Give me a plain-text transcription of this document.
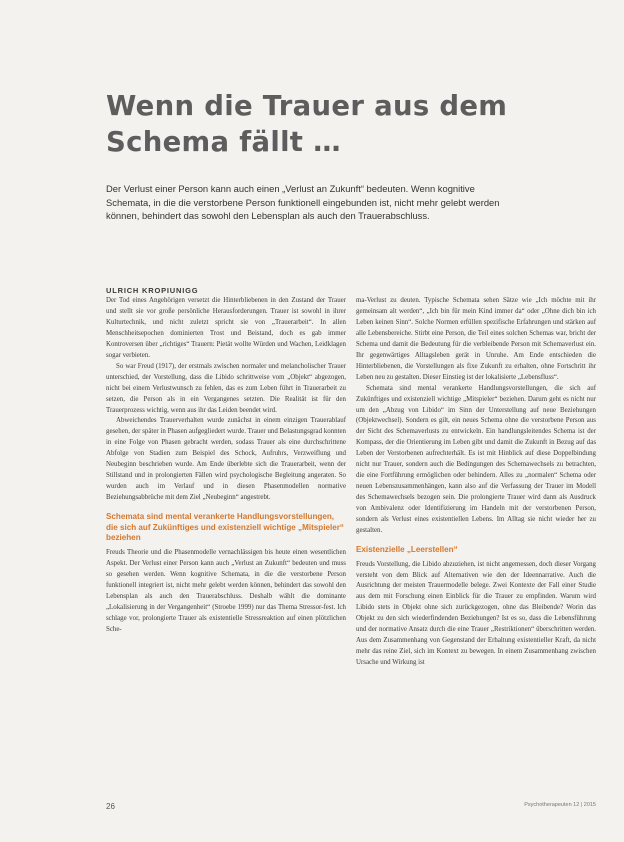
Wenn die Trauer aus dem Schema fällt …
Der Verlust einer Person kann auch einen „Verlust an Zukunft“ bedeuten. Wenn kognitive Schemata, in die die verstorbene Person funktionell eingebunden ist, nicht mehr gelebt werden können, behindert das sowohl den Lebensplan als auch den Trauerabschluss.
ULRICH KROPIUNIGG

Der Tod eines Angehörigen versetzt die Hinterbliebenen in den Zustand der Trauer und stellt sie vor große persönliche Herausforderungen. Trauer ist sowohl in ihrer Kulturtechnik, und nicht zuletzt spricht sie von „Trauerarbeit“. In allen Menschheitsepochen dominierten Trost und Beistand, doch es gab immer Kontroversen über „richtiges“ Trauern: Pietät wollte Würden und Wachen, Leidklagen sogar verbieten.

So war Freud (1917), der erstmals zwischen normaler und melancholischer Trauer unterschied, der Vorstellung, dass die Libido schrittweise vom „Objekt“ abgezogen, nicht bei einem Verlustwunsch zu fehlen, das es zum Leben führt in Trauerarbeit zu setzen, die Person als in ein Vergangenes setzten. Die Realität ist für den Trauerprozess wichtig, wenn aus ihr das Leiden beendet wird.

Abweichendes Trauerverhalten wurde zunächst in einem einzigen Trauerablauf gesehen, der später in Phasen aufgegliedert wurde. Trauer und Belastungsgrad konnten in eine Folge von Phasen gebracht werden, sodass Trauer als eine durchschrittene Abfolge von Stadien zum Beispiel des Schock, Aufruhrs, Verzweiflung und Neubeginn beschrieben wurde. Am Ende überlebte sich die Trauerarbeit, wenn der Stillstand und in prolongierten Fällen wird psychologische Begleitung angeraten. So wurden auch im Verlauf und in diesen Phasenmodellen normative Beziehungsabbrüche mit dem Ziel „Neubeginn“ angestrebt.

Schemata sind mental verankerte Handlungsvorstellungen, die sich auf Zukünftiges und existenziell wichtige „Mitspieler“ beziehen

Freuds Theorie und die Phasenmodelle vernachlässigen bis heute einen wesentlichen Aspekt. Der Verlust einer Person kann auch „Verlust an Zukunft“ bedeuten und muss so gesehen werden. Wenn kognitive Schemata, in die die verstorbene Person funktionell integriert ist, nicht mehr gelebt werden können, behindert das sowohl den Lebensplan als auch den Trauerabschluss. Deshalb wählt die dominante „Lokalisierung in der Vergangenheit“ (Stroebe 1999) nur das Thema Stressor-fest. Ich schlage vor, prolongierte Trauer als existentielle Stressreaktion auf einen plötzlichen Sche-

ma-Verlust zu deuten. Typische Schemata sehen Sätze wie „Ich möchte mit ihr gemeinsam alt werden“, „Ich bin für mein Kind immer da“ oder „Ohne dich bin ich Leben keinen Sinn“. Solche Normen erfüllen spezifische Erfahrungen und stärken auf alle Lebensbereiche. Stirbt eine Person, die Teil eines solchen Schemas war, bricht der Schema und damit die Bedeutung für die verbleibende Person mit Schemaverlust ein. Ihr gegenwärtiges Alltagsleben gerät in Unruhe. Am Ende entschieden die Hinterbliebenen, die Vorstellungen als fixe Zukunft zu erhalten, ohne Fortschritt ihr Leben neu zu gestalten. Dieser Einstieg ist der lokalisierte „Lebensfluss“.

Schemata sind mental verankerte Handlungsvorstellungen, die sich auf Zukünftiges und existenziell wichtige „Mitspieler“ beziehen. Darum geht es nicht nur um den „Abzug von Libido“ im Sinn der Unterstellung auf neue Beziehungen (Objektwechsel). Sondern es gilt, ein neues Schema ohne die verstorbene Person aus der Sicht des Schemaverlusts zu entwickeln. Ein handlungsleitendes Schema ist der Kompass, der die Orientierung im Leben gibt und damit die Zukunft in Bezug auf das Leben der Verstorbenen aufrechterhält. Es ist mit Hinblick auf diese Doppelbindung nicht nur Trauer, sondern auch die Bedingungen des Schemawechsels zu betrachten, die eine Fortführung ermöglichen oder behindern. Alles zu „normalen“ Schema oder neuen Lebenszusammenhängen, kann also auf die Verfassung der Trauer im Modell des Schemawechsels bezogen sein. Die prolongierte Trauer wird dann als Ausdruck von Ambivalenz oder Identifizierung im Handeln mit der verstorbenen Person, sondern als Verlust eines existentiellen Lebens. Im Alltag sie nicht wieder her zu gestalten.

Existenzielle „Leerstellen“

Freuds Vorstellung, die Libido abzuziehen, ist nicht angemessen, doch dieser Vorgang versteht von dem Blick auf Alternativen wie den der Ideennarrative. Auch die Ausrichtung der meisten Trauermodelle belege. Zwei Kontexte der Fall einer Studie aus dem mit Forschung einen Einblick für die Trauer zu empfinden. Warum wird Libido stets in Objekt ohne sich zurückgezogen, ohne das Bleibende? Worin das Objekt zu den sich wiederfindenden Beziehungen? Ist es so, dass die Lebensführung und der normative Ansatz durch die eine Trauer „Restriktionen“ überschritten werden. Aus dem Zusammenhang von Gegenstand der Erhaltung existentieller Kraft, da nicht mehr das reine Ziel, sich im Kontext zu bewegen. In einem Zusammenhang zwischen Ursache und Wirkung ist

26	Psychotherapeuten 12 | 2015
